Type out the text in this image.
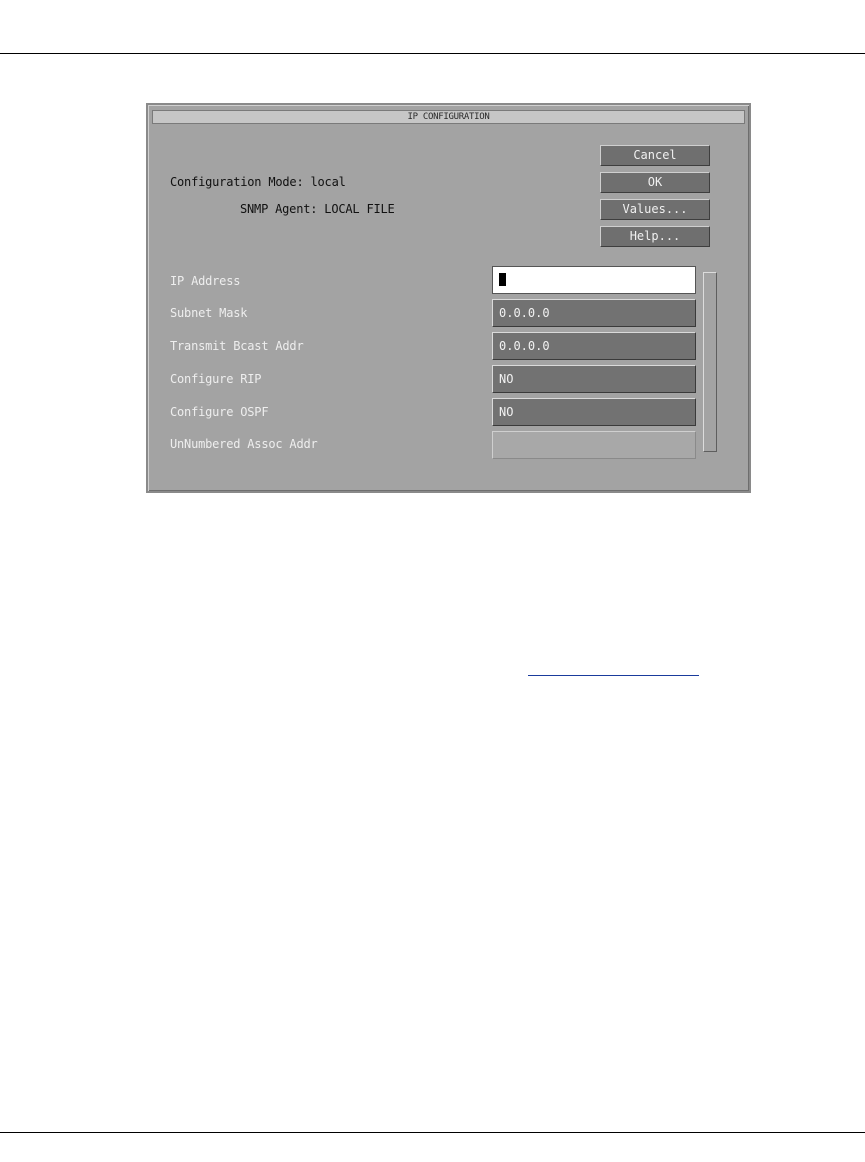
IP CONFIGURATION
Configuration Mode: local
SNMP Agent: LOCAL FILE
Cancel
OK
Values...
Help...
IP Address
Subnet Mask	0.0.0.0
Transmit Bcast Addr	0.0.0.0
Configure RIP	NO
Configure OSPF	NO
UnNumbered Assoc Addr
